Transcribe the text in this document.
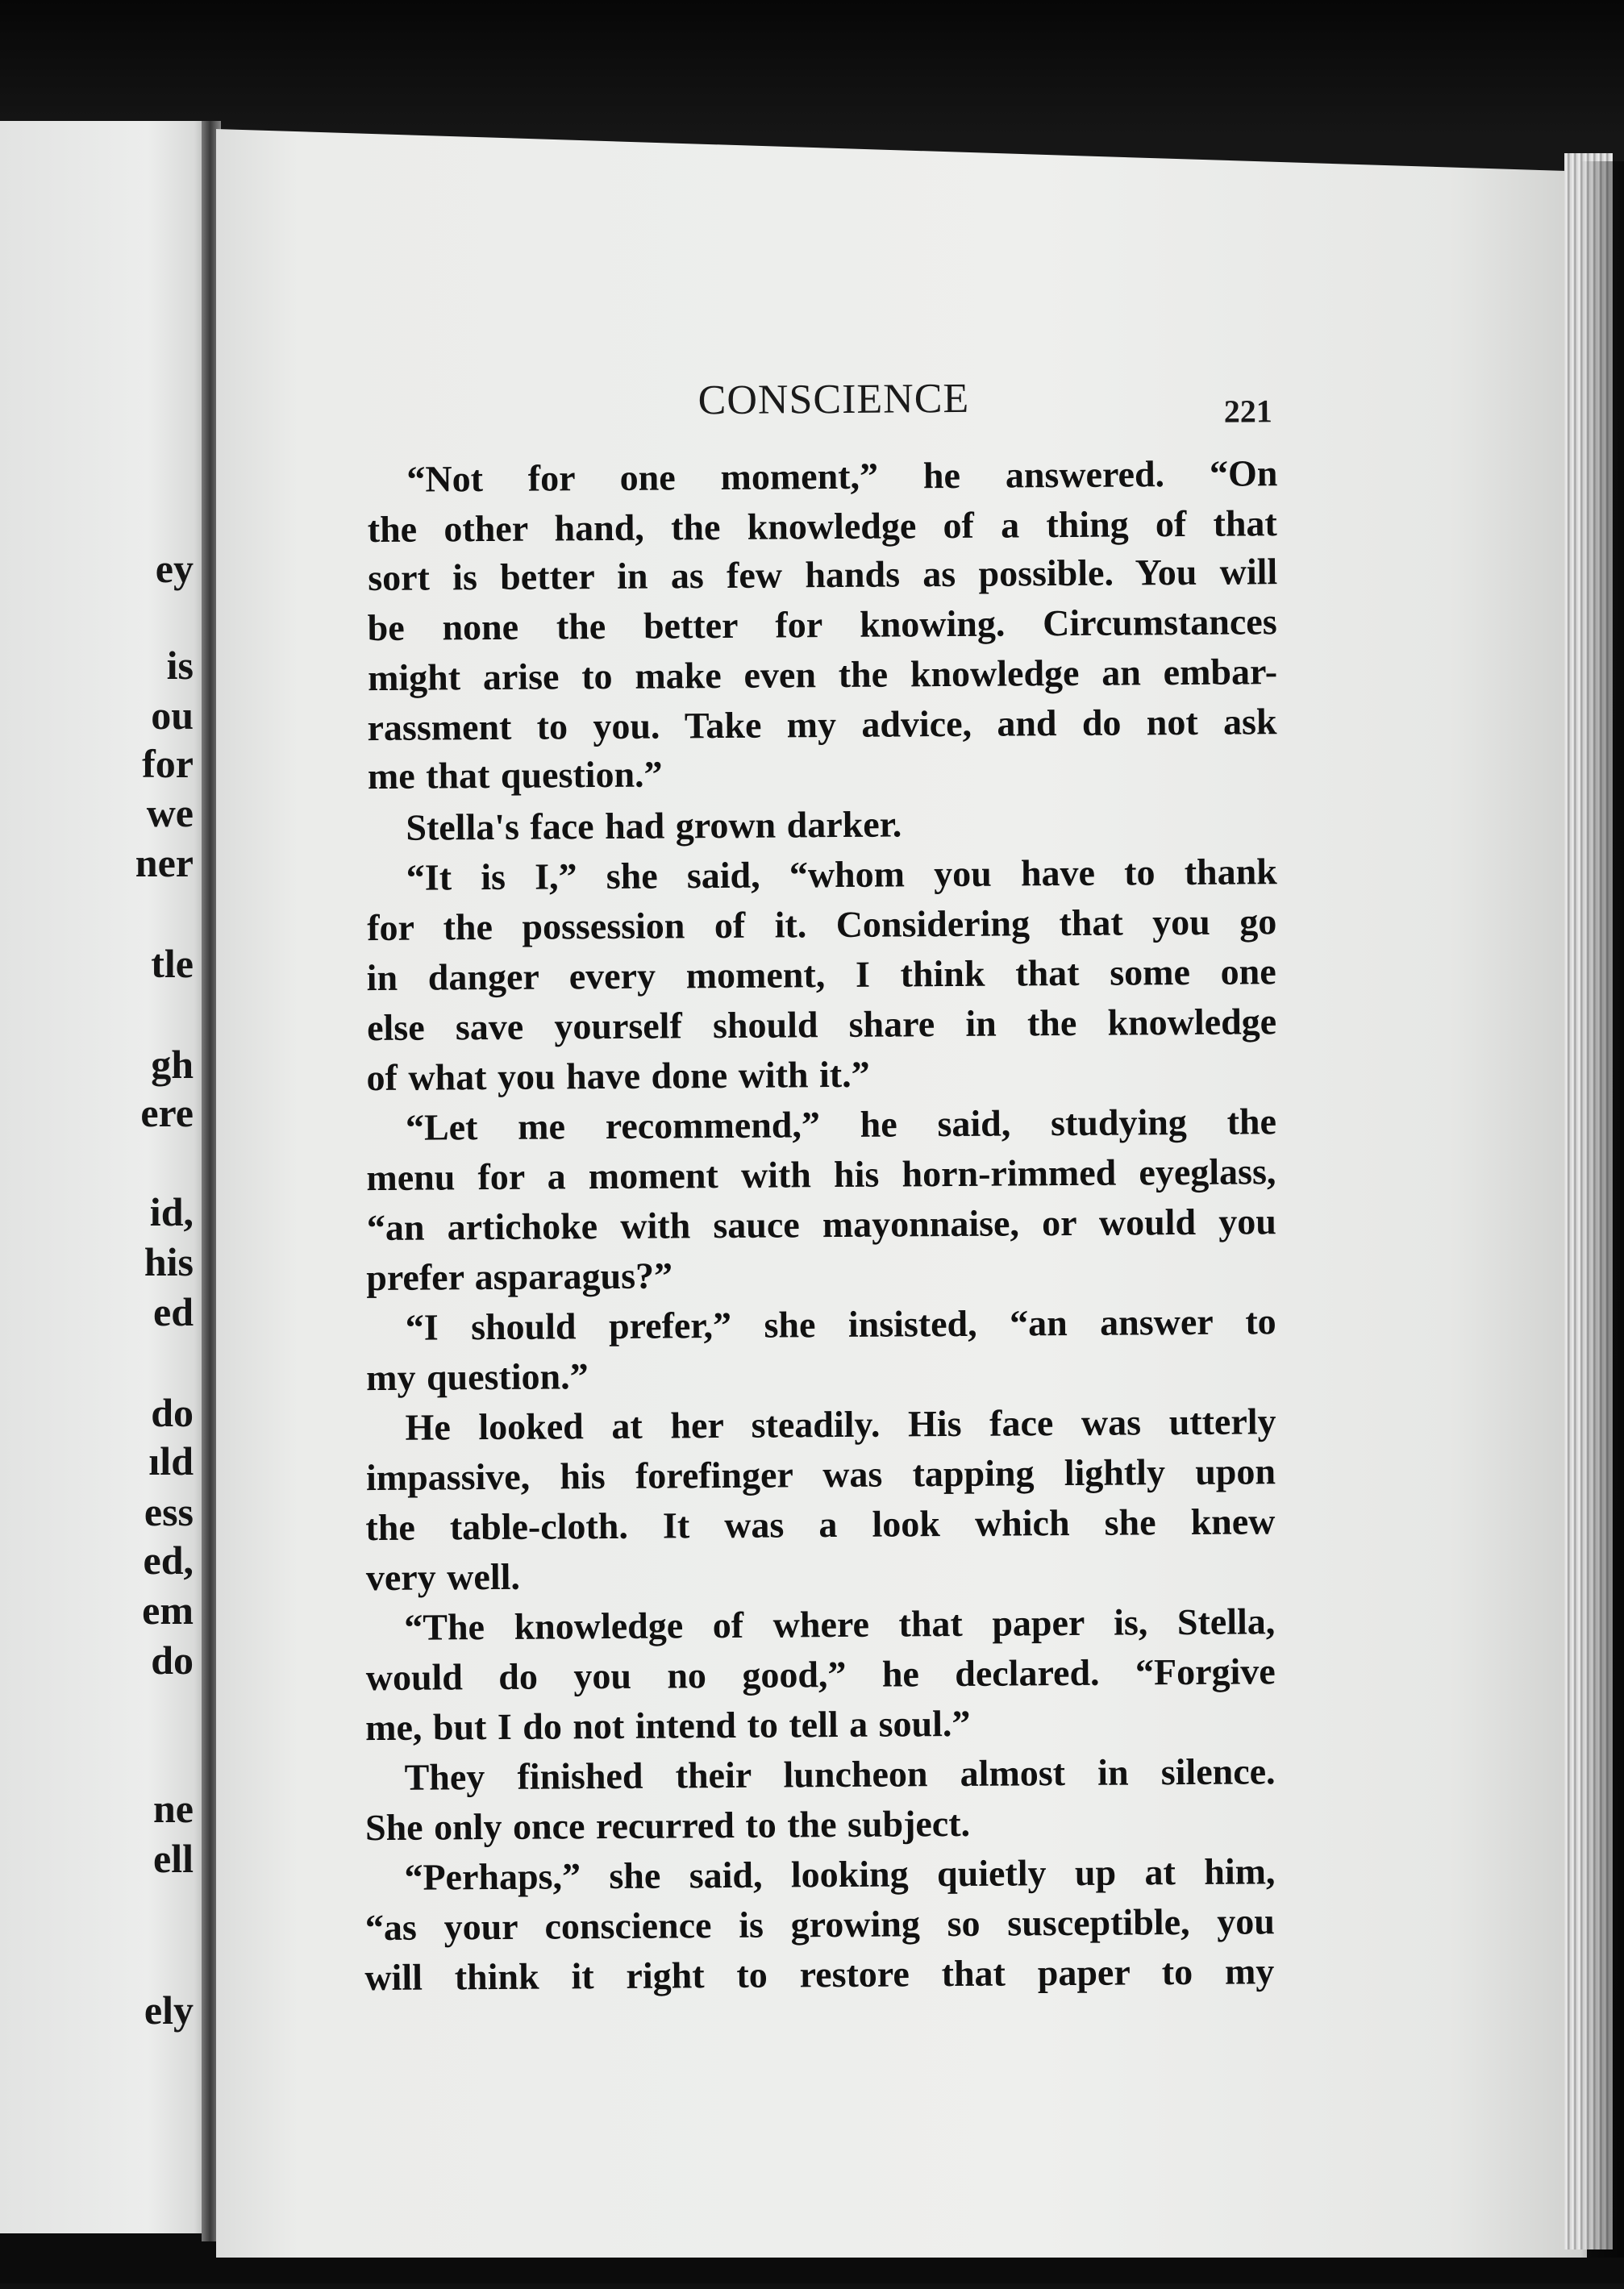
ey
is
ou
for
we
ner
tle
gh
ere
id,
his
ed
do
ıld
ess
ed,
em
do
ne
ell
ely
CONSCIENCE	221
“Not for one moment,” he answered. “On
the other hand, the knowledge of a thing of that
sort is better in as few hands as possible. You will
be none the better for knowing. Circumstances
might arise to make even the knowledge an embar-
rassment to you. Take my advice, and do not ask
me that question.”
Stella's face had grown darker.
“It is I,” she said, “whom you have to thank
for the possession of it. Considering that you go
in danger every moment, I think that some one
else save yourself should share in the knowledge
of what you have done with it.”
“Let me recommend,” he said, studying the
menu for a moment with his horn-rimmed eyeglass,
“an artichoke with sauce mayonnaise, or would you
prefer asparagus?”
“I should prefer,” she insisted, “an answer to
my question.”
He looked at her steadily. His face was utterly
impassive, his forefinger was tapping lightly upon
the table-cloth. It was a look which she knew
very well.
“The knowledge of where that paper is, Stella,
would do you no good,” he declared. “Forgive
me, but I do not intend to tell a soul.”
They finished their luncheon almost in silence.
She only once recurred to the subject.
“Perhaps,” she said, looking quietly up at him,
“as your conscience is growing so susceptible, you
will think it right to restore that paper to my
